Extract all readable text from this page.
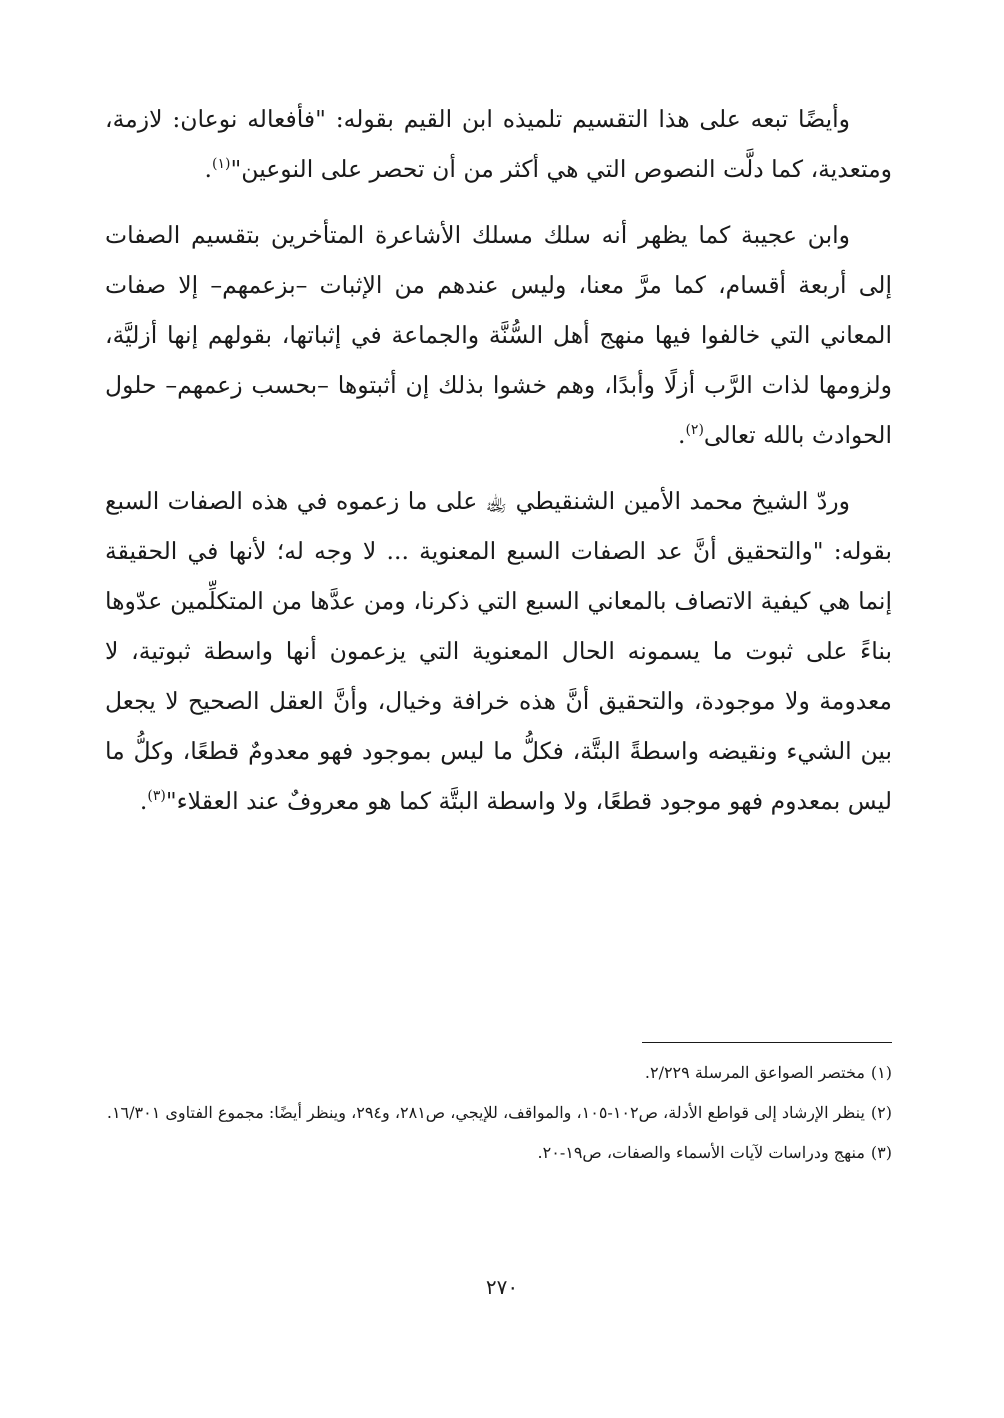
وأيضًا تبعه على هذا التقسيم تلميذه ابن القيم بقوله: "فأفعاله نوعان: لازمة، ومتعدية، كما دلَّت النصوص التي هي أكثر من أن تحصر على النوعين"$^{(١)}$.

وابن عجيبة كما يظهر أنه سلك مسلك الأشاعرة المتأخرين بتقسيم الصفات إلى أربعة أقسام، كما مرَّ معنا، وليس عندهم من الإثبات –بزعمهم– إلا صفات المعاني التي خالفوا فيها منهج أهل السُّنَّة والجماعة في إثباتها، بقولهم إنها أزليَّة، ولزومها لذات الرَّب أزلًا وأبدًا، وهم خشوا بذلك إن أثبتوها –بحسب زعمهم– حلول الحوادث بالله تعالى$^{(٢)}$.

وردّ الشيخ محمد الأمين الشنقيطي ﵀ على ما زعموه في هذه الصفات السبع بقوله: "والتحقيق أنَّ عد الصفات السبع المعنوية ... لا وجه له؛ لأنها في الحقيقة إنما هي كيفية الاتصاف بالمعاني السبع التي ذكرنا، ومن عدَّها من المتكلِّمين عدّوها بناءً على ثبوت ما يسمونه الحال المعنوية التي يزعمون أنها واسطة ثبوتية، لا معدومة ولا موجودة، والتحقيق أنَّ هذه خرافة وخيال، وأنَّ العقل الصحيح لا يجعل بين الشيء ونقيضه واسطةً البتَّة، فكلُّ ما ليس بموجود فهو معدومٌ قطعًا، وكلُّ ما ليس بمعدوم فهو موجود قطعًا، ولا واسطة البتَّة كما هو معروفٌ عند العقلاء"$^{(٣)}$.

(١)مختصر الصواعق المرسلة ٢/٢٢٩.

(٢)ينظر الإرشاد إلى قواطع الأدلة، ص١٠٢-١٠٥، والمواقف، للإيجي، ص٢٨١، و٢٩٤، وينظر أيضًا: مجموع الفتاوى ١٦/٣٠١.

(٣)منهج ودراسات لآيات الأسماء والصفات، ص١٩-٢٠.

٢٧٠
